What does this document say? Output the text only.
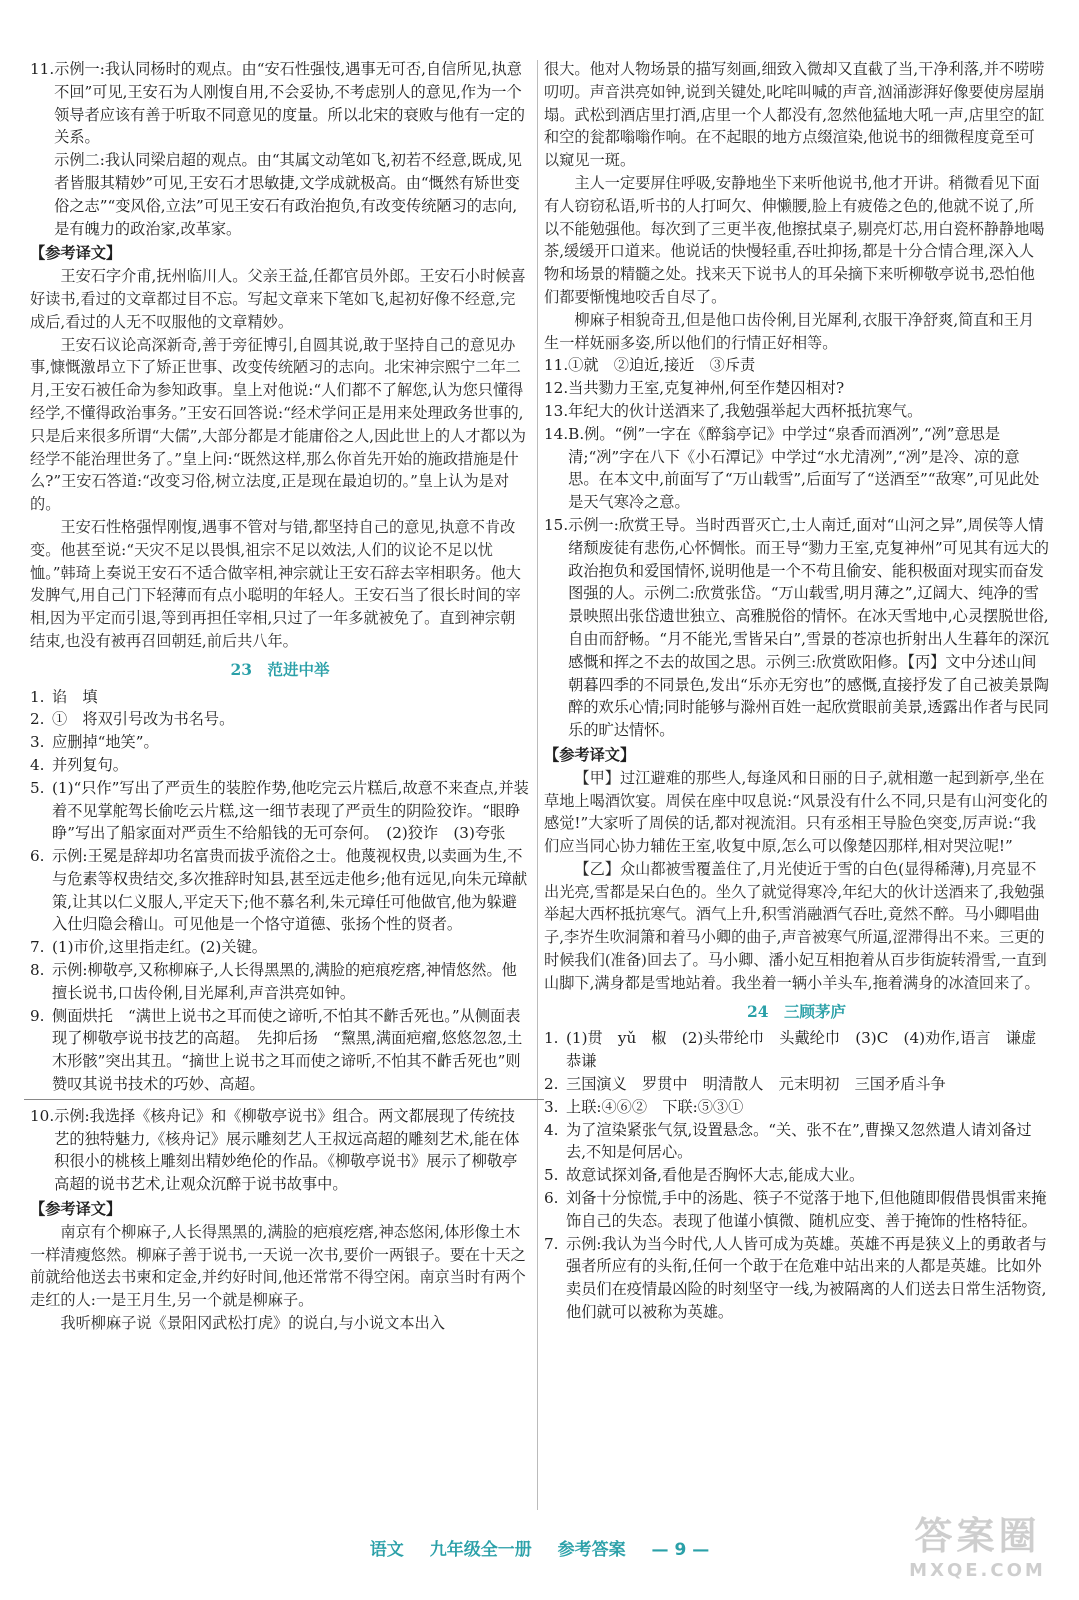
11. 示例一:我认同杨时的观点。由“安石性强忮,遇事无可否,自信所见,执意不回”可见,王安石为人刚愎自用,不会妥协,不考虑别人的意见,作为一个领导者应该有善于听取不同意见的度量。所以北宋的衰败与他有一定的关系。
示例二:我认同梁启超的观点。由“其属文动笔如飞,初若不经意,既成,见者皆服其精妙”可见,王安石才思敏捷,文学成就极高。由“慨然有矫世变俗之志”“变风俗,立法”可见王安石有政治抱负,有改变传统陋习的志向,是有魄力的政治家,改革家。
【参考译文】
王安石字介甫,抚州临川人。父亲王益,任都官员外郎。王安石小时候喜好读书,看过的文章都过目不忘。写起文章来下笔如飞,起初好像不经意,完成后,看过的人无不叹服他的文章精妙。
王安石议论高深新奇,善于旁征博引,自圆其说,敢于坚持自己的意见办事,慷慨激昂立下了矫正世事、改变传统陋习的志向。北宋神宗熙宁二年二月,王安石被任命为参知政事。皇上对他说:“人们都不了解您,认为您只懂得经学,不懂得政治事务。”王安石回答说:“经术学问正是用来处理政务世事的,只是后来很多所谓“大儒”,大部分都是才能庸俗之人,因此世上的人才都以为经学不能治理世务了。”皇上问:“既然这样,那么你首先开始的施政措施是什么?”王安石答道:“改变习俗,树立法度,正是现在最迫切的。”皇上认为是对的。
王安石性格强悍刚愎,遇事不管对与错,都坚持自己的意见,执意不肯改变。他甚至说:“天灾不足以畏惧,祖宗不足以效法,人们的议论不足以忧恤。”韩琦上奏说王安石不适合做宰相,神宗就让王安石辞去宰相职务。他大发脾气,用自己门下轻薄而有点小聪明的年轻人。王安石当了很长时间的宰相,因为平定而引退,等到再担任宰相,只过了一年多就被免了。直到神宗朝结束,也没有被再召回朝廷,前后共八年。
23　范进中举
1. 谄　填
2. ①　将双引号改为书名号。
3. 应删掉“地笑”。
4. 并列复句。
5. (1)“只作”写出了严贡生的装腔作势,他吃完云片糕后,故意不来查点,并装着不见掌舵驾长偷吃云片糕,这一细节表现了严贡生的阴险狡诈。“眼睁睁”写出了船家面对严贡生不给船钱的无可奈何。　(2)狡诈　(3)夸张
6. 示例:王冕是辞却功名富贵而拔乎流俗之士。他蔑视权贵,以卖画为生,不与危素等权贵结交,多次推辞时知县,甚至远走他乡;他有远见,向朱元璋献策,让其以仁义服人,平定天下;他不慕名利,朱元璋任可他做官,他为躲避入仕归隐会稽山。可见他是一个恪守道德、张扬个性的贤者。
7. (1)市价,这里指走红。(2)关键。
8. 示例:柳敬亭,又称柳麻子,人长得黑黑的,满脸的疤痕疙瘩,神情悠然。他擅长说书,口齿伶俐,目光犀利,声音洪亮如钟。
9. 侧面烘托　“满世上说书之耳而使之谛听,不怕其不齚舌死也。”从侧面表现了柳敬亭说书技艺的高超。　先抑后扬　“黧黑,满面疤瘤,悠悠忽忽,土木形骸”突出其丑。“摘世上说书之耳而使之谛听,不怕其不齚舌死也”则赞叹其说书技术的巧妙、高超。
10. 示例:我选择《核舟记》和《柳敬亭说书》组合。两文都展现了传统技艺的独特魅力,《核舟记》展示雕刻艺人王叔远高超的雕刻艺术,能在体积很小的桃核上雕刻出精妙绝伦的作品。《柳敬亭说书》展示了柳敬亭高超的说书艺术,让观众沉醉于说书故事中。
【参考译文】
南京有个柳麻子,人长得黑黑的,满脸的疤痕疙瘩,神态悠闲,体形像土木一样清瘦悠然。柳麻子善于说书,一天说一次书,要价一两银子。要在十天之前就给他送去书柬和定金,并约好时间,他还常常不得空闲。南京当时有两个走红的人:一是王月生,另一个就是柳麻子。
我听柳麻子说《景阳冈武松打虎》的说白,与小说文本出入
很大。他对人物场景的描写刻画,细致入微却又直截了当,干净利落,并不唠唠叨叨。声音洪亮如钟,说到关键处,叱咤叫喊的声音,汹涌澎湃好像要使房屋崩塌。武松到酒店里打酒,店里一个人都没有,忽然他猛地大吼一声,店里空的缸和空的瓮都嗡嗡作响。在不起眼的地方点缀渲染,他说书的细微程度竟至可以窥见一斑。
主人一定要屏住呼吸,安静地坐下来听他说书,他才开讲。稍微看见下面有人窃窃私语,听书的人打呵欠、伸懒腰,脸上有疲倦之色的,他就不说了,所以不能勉强他。每次到了三更半夜,他擦拭桌子,剔亮灯芯,用白瓷杯静静地喝茶,缓缓开口道来。他说话的快慢轻重,吞吐抑扬,都是十分合情合理,深入人物和场景的精髓之处。找来天下说书人的耳朵摘下来听柳敬亭说书,恐怕他们都要惭愧地咬舌自尽了。
柳麻子相貌奇丑,但是他口齿伶俐,目光犀利,衣服干净舒爽,简直和王月生一样妩丽多姿,所以他们的行情正好相等。
11. ①就　②迫近,接近　③斥责
12. 当共勠力王室,克复神州,何至作楚囚相对?
13. 年纪大的伙计送酒来了,我勉强举起大西杯抵抗寒气。
14. B.例。“例”一字在《醉翁亭记》中学过“泉香而酒冽”,“冽”意思是清;“冽”字在八下《小石潭记》中学过“水尤清冽”,“冽”是冷、凉的意思。在本文中,前面写了“万山载雪”,后面写了“送酒至”“敌寒”,可见此处是天气寒冷之意。
15. 示例一:欣赏王导。当时西晋灭亡,士人南迁,面对“山河之异”,周侯等人情绪颓废徒有悲伤,心怀惆怅。而王导“勠力王室,克复神州”可见其有远大的政治抱负和爱国情怀,说明他是一个不苟且偷安、能积极面对现实而奋发图强的人。示例二:欣赏张岱。“万山载雪,明月薄之”,辽阔大、纯净的雪景映照出张岱遗世独立、高雅脱俗的情怀。在冰天雪地中,心灵摆脱世俗,自由而舒畅。“月不能光,雪皆呆白”,雪景的苍凉也折射出人生暮年的深沉感慨和挥之不去的故国之思。示例三:欣赏欧阳修。【丙】文中分述山间朝暮四季的不同景色,发出“乐亦无穷也”的感慨,直接抒发了自己被美景陶醉的欢乐心情;同时能够与滁州百姓一起欣赏眼前美景,透露出作者与民同乐的旷达情怀。
【参考译文】
【甲】过江避难的那些人,每逢风和日丽的日子,就相邀一起到新亭,坐在草地上喝酒饮宴。周侯在座中叹息说:“风景没有什么不同,只是有山河变化的感觉!”大家听了周侯的话,都对视流泪。只有丞相王导脸色突变,厉声说:“我们应当同心协力辅佐王室,收复中原,怎么可以像楚囚那样,相对哭泣呢!”
【乙】众山都被雪覆盖住了,月光使近于雪的白色(显得稀薄),月亮显不出光亮,雪都是呆白色的。坐久了就觉得寒冷,年纪大的伙计送酒来了,我勉强举起大西杯抵抗寒气。酒气上升,积雪消融酒气吞吐,竟然不醉。马小卿唱曲子,李岕生吹洞箫和着马小卿的曲子,声音被寒气所逼,涩滞得出不来。三更的时候我们(准备)回去了。马小卿、潘小妃互相抱着从百步街旋转滑雪,一直到山脚下,满身都是雪地站着。我坐着一辆小羊头车,拖着满身的冰渣回来了。
24　三顾茅庐
1. (1)贯　yǔ　椒　(2)头带纶巾　头戴纶巾　(3)C　(4)劝作,语言　谦虚　恭谦
2. 三国演义　罗贯中　明清散人　元末明初　三国矛盾斗争
3. 上联:④⑥②　下联:⑤③①
4. 为了渲染紧张气氛,设置悬念。“关、张不在”,曹操又忽然遣人请刘备过去,不知是何居心。
5. 故意试探刘备,看他是否胸怀大志,能成大业。
6. 刘备十分惊慌,手中的汤匙、筷子不觉落于地下,但他随即假借畏惧雷来掩饰自己的失态。表现了他谨小慎微、随机应变、善于掩饰的性格特征。
7. 示例:我认为当今时代,人人皆可成为英雄。英雄不再是狭义上的勇敢者与强者所应有的头衔,任何一个敢于在危难中站出来的人都是英雄。比如外卖员们在疫情最凶险的时刻坚守一线,为被隔离的人们送去日常生活物资,他们就可以被称为英雄。
语文 九年级全一册 参考答案 — 9 —	答案圈
MXQE.COM
